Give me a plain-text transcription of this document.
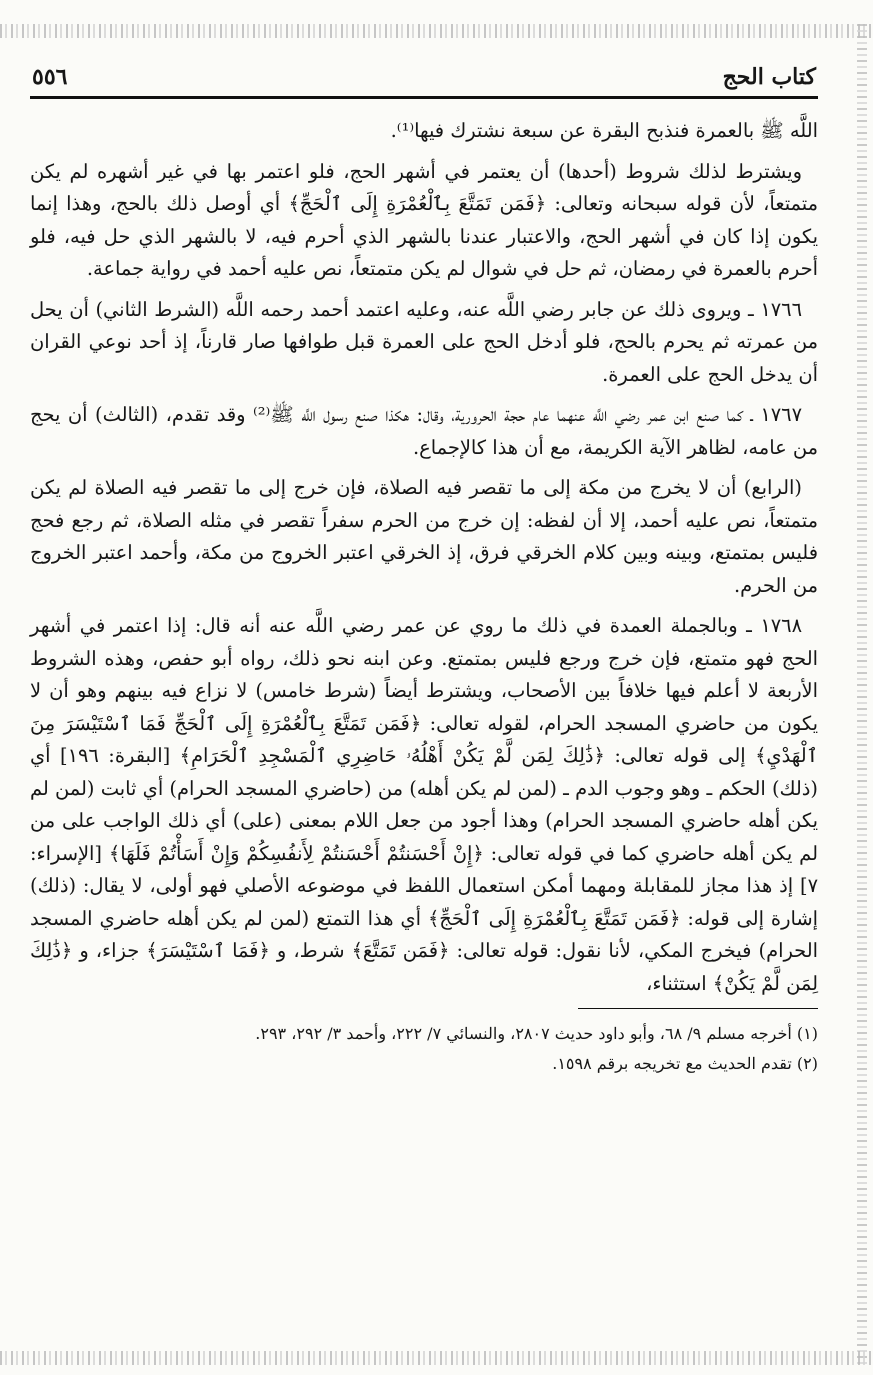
كتاب الحج
٥٥٦

اللَّه ﷺ بالعمرة فنذبح البقرة عن سبعة نشترك فيها⁽¹⁾.

ويشترط لذلك شروط (أحدها) أن يعتمر في أشهر الحج، فلو اعتمر بها في غير أشهره لم يكن متمتعاً، لأن قوله سبحانه وتعالى: ﴿فَمَن تَمَتَّعَ بِٱلْعُمْرَةِ إِلَى ٱلْحَجِّ﴾ أي أوصل ذلك بالحج، وهذا إنما يكون إذا كان في أشهر الحج، والاعتبار عندنا بالشهر الذي أحرم فيه، لا بالشهر الذي حل فيه، فلو أحرم بالعمرة في رمضان، ثم حل في شوال لم يكن متمتعاً، نص عليه أحمد في رواية جماعة.

١٧٦٦ ـ ويروى ذلك عن جابر رضي اللَّه عنه، وعليه اعتمد أحمد رحمه اللَّه (الشرط الثاني) أن يحل من عمرته ثم يحرم بالحج، فلو أدخل الحج على العمرة قبل طوافها صار قارناً، إذ أحد نوعي القران أن يدخل الحج على العمرة.

١٧٦٧ ـ كما صنع ابن عمر رضي اللَّه عنهما عام حجة الحرورية، وقال: هكذا صنع رسول اللَّه ﷺ⁽²⁾ وقد تقدم، (الثالث) أن يحج من عامه، لظاهر الآية الكريمة، مع أن هذا كالإجماع.

(الرابع) أن لا يخرج من مكة إلى ما تقصر فيه الصلاة، فإن خرج إلى ما تقصر فيه الصلاة لم يكن متمتعاً، نص عليه أحمد، إلا أن لفظه: إن خرج من الحرم سفراً تقصر في مثله الصلاة، ثم رجع فحج فليس بمتمتع، وبينه وبين كلام الخرقي فرق، إذ الخرقي اعتبر الخروج من مكة، وأحمد اعتبر الخروج من الحرم.

١٧٦٨ ـ وبالجملة العمدة في ذلك ما روي عن عمر رضي اللَّه عنه أنه قال: إذا اعتمر في أشهر الحج فهو متمتع، فإن خرج ورجع فليس بمتمتع. وعن ابنه نحو ذلك، رواه أبو حفص، وهذه الشروط الأربعة لا أعلم فيها خلافاً بين الأصحاب، ويشترط أيضاً (شرط خامس) لا نزاع فيه بينهم وهو أن لا يكون من حاضري المسجد الحرام، لقوله تعالى: ﴿فَمَن تَمَتَّعَ بِٱلْعُمْرَةِ إِلَى ٱلْحَجِّ فَمَا ٱسْتَيْسَرَ مِنَ ٱلْهَدْيِ﴾ إلى قوله تعالى: ﴿ذَٰلِكَ لِمَن لَّمْ يَكُنْ أَهْلُهُۥ حَاضِرِي ٱلْمَسْجِدِ ٱلْحَرَامِ﴾ [البقرة: ١٩٦] أي (ذلك) الحكم ـ وهو وجوب الدم ـ (لمن لم يكن أهله) من (حاضري المسجد الحرام) أي ثابت (لمن لم يكن أهله حاضري المسجد الحرام) وهذا أجود من جعل اللام بمعنى (على) أي ذلك الواجب على من لم يكن أهله حاضري كما في قوله تعالى: ﴿إِنْ أَحْسَنتُمْ أَحْسَنتُمْ لِأَنفُسِكُمْ وَإِنْ أَسَأْتُمْ فَلَهَا﴾ [الإسراء: ٧] إذ هذا مجاز للمقابلة ومهما أمكن استعمال اللفظ في موضوعه الأصلي فهو أولى، لا يقال: (ذلك) إشارة إلى قوله: ﴿فَمَن تَمَتَّعَ بِٱلْعُمْرَةِ إِلَى ٱلْحَجِّ﴾ أي هذا التمتع (لمن لم يكن أهله حاضري المسجد الحرام) فيخرج المكي، لأنا نقول: قوله تعالى: ﴿فَمَن تَمَتَّعَ﴾ شرط، و ﴿فَمَا ٱسْتَيْسَرَ﴾ جزاء، و ﴿ذَٰلِكَ لِمَن لَّمْ يَكُنْ﴾ استثناء،

(١) أخرجه مسلم ٩/ ٦٨، وأبو داود حديث ٢٨٠٧، والنسائي ٧/ ٢٢٢، وأحمد ٣/ ٢٩٢، ٢٩٣.

(٢) تقدم الحديث مع تخريجه برقم ١٥٩٨.
